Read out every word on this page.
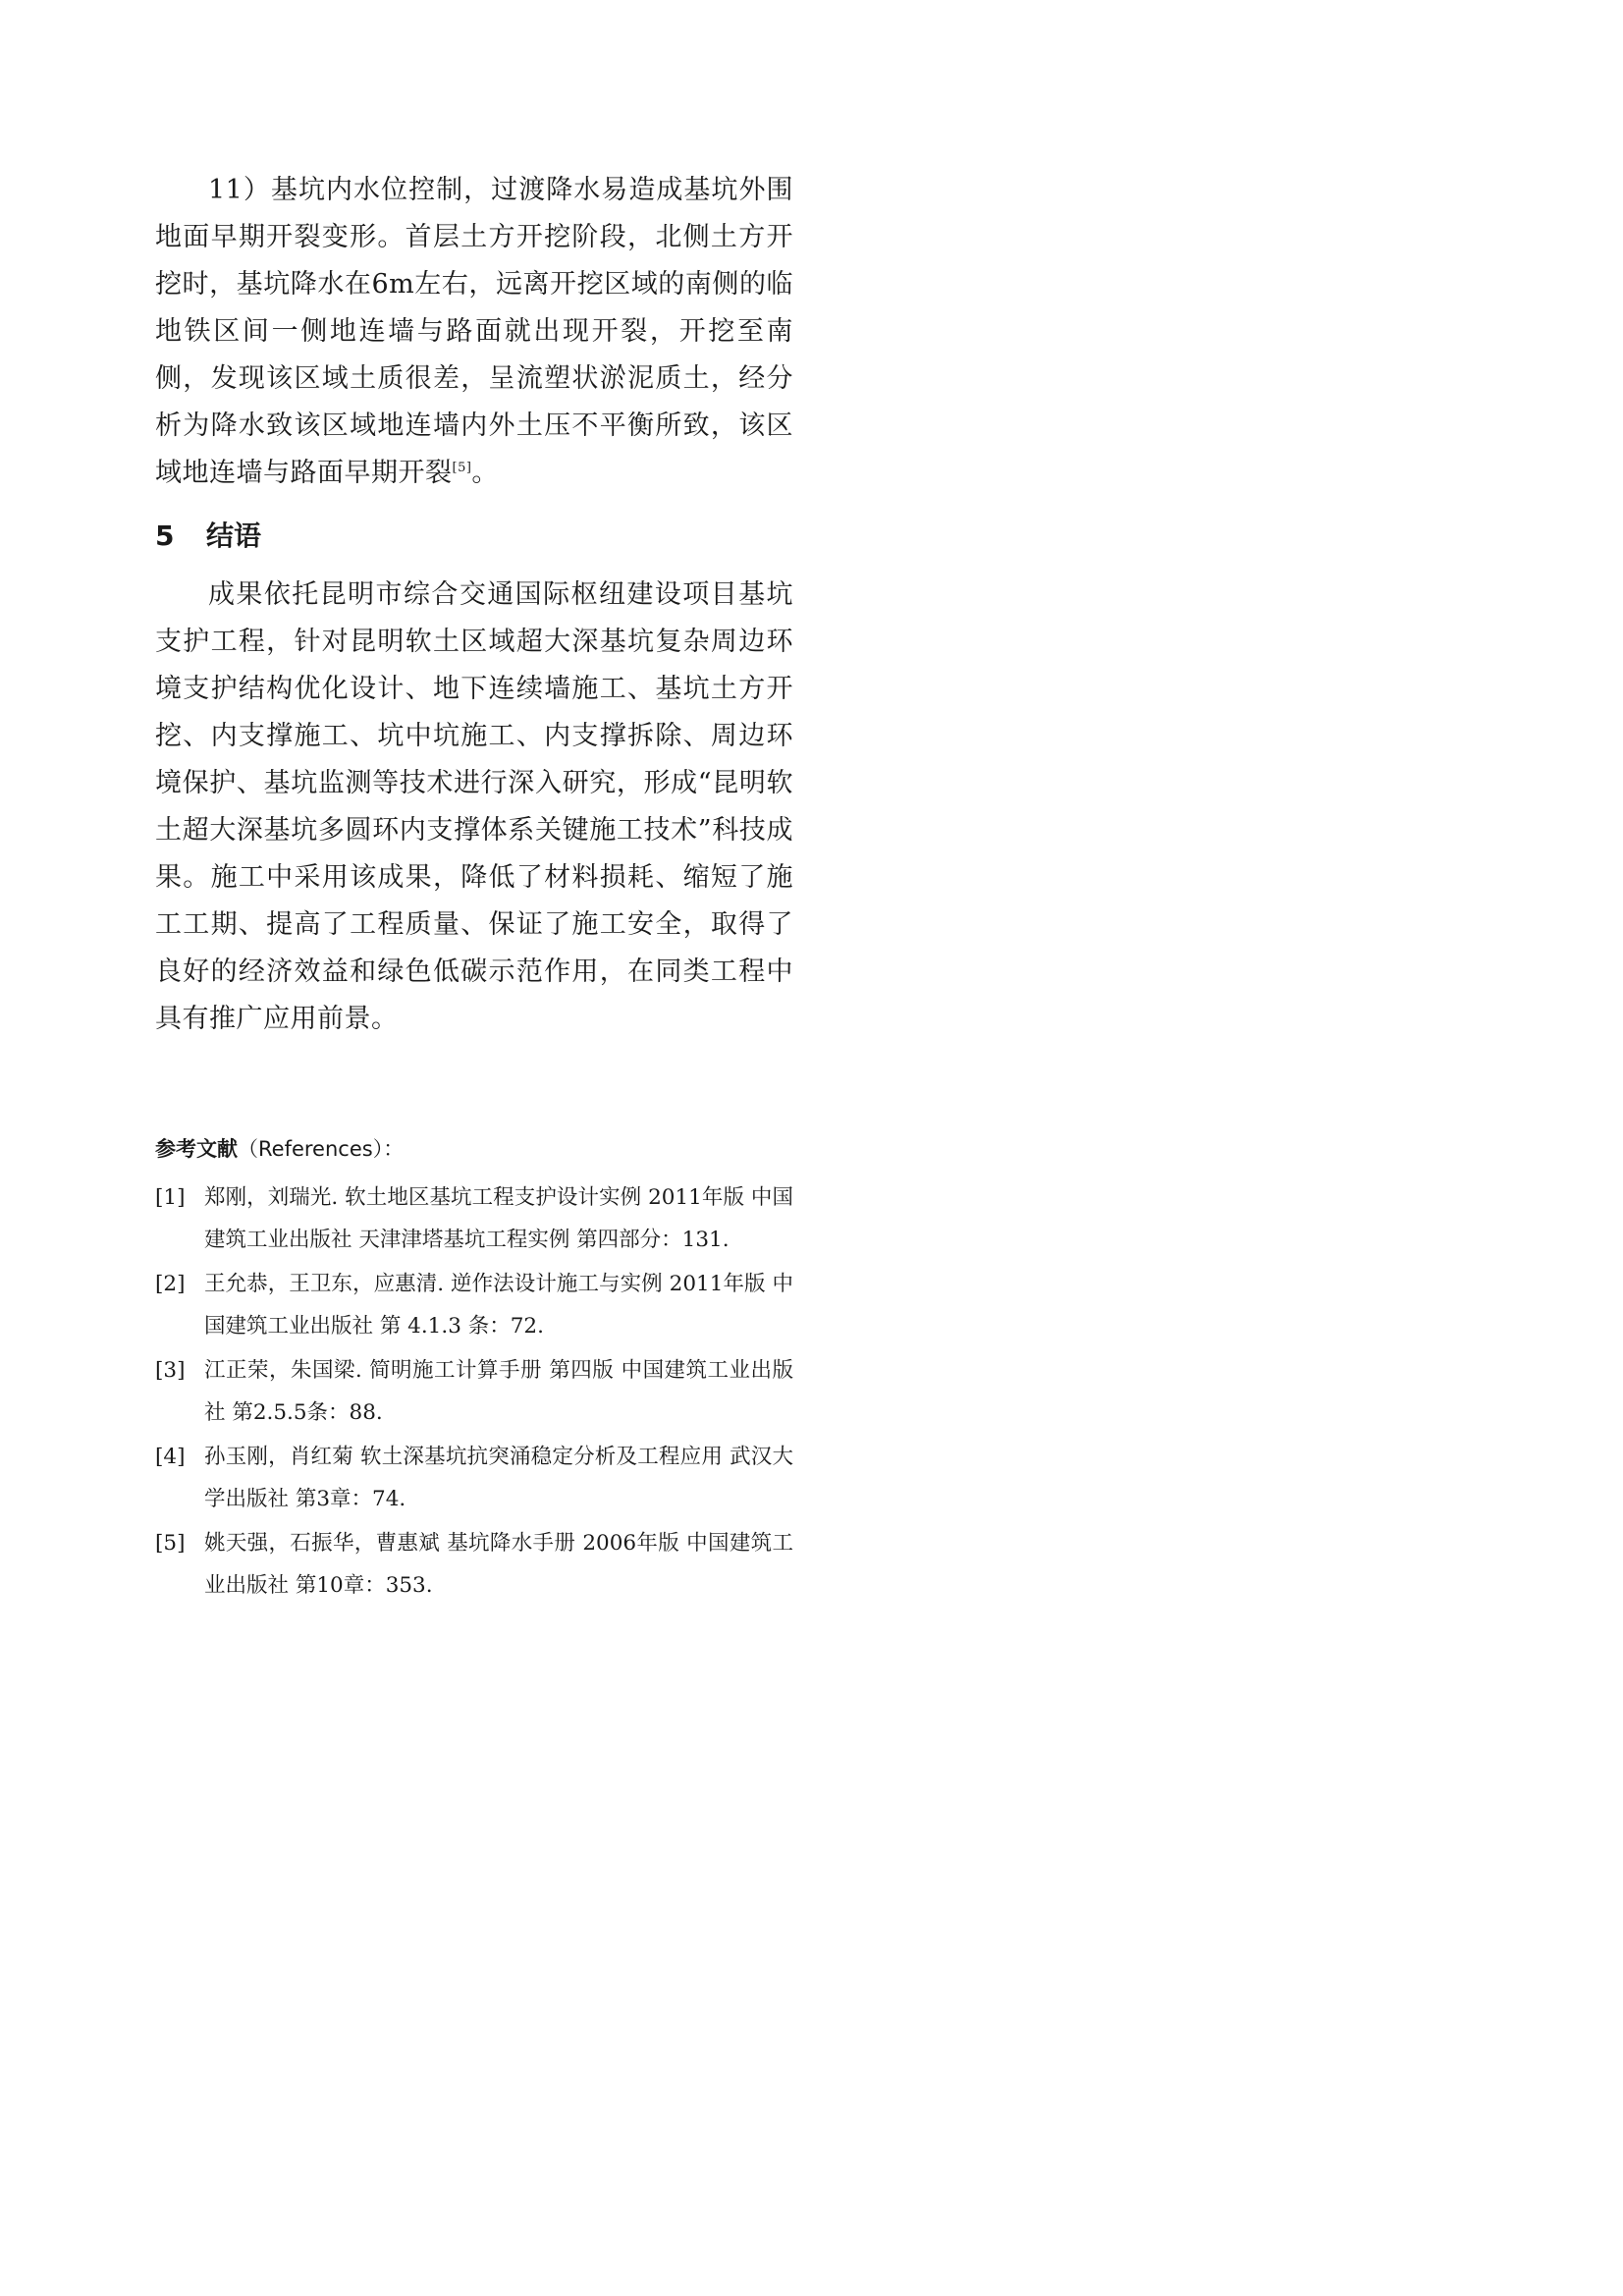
11）基坑内水位控制，过渡降水易造成基坑外围地面早期开裂变形。首层土方开挖阶段，北侧土方开挖时，基坑降水在6m左右，远离开挖区域的南侧的临地铁区间一侧地连墙与路面就出现开裂，开挖至南侧，发现该区域土质很差，呈流塑状淤泥质土，经分析为降水致该区域地连墙内外土压不平衡所致，该区域地连墙与路面早期开裂[5]。

5 结语

成果依托昆明市综合交通国际枢纽建设项目基坑支护工程，针对昆明软土区域超大深基坑复杂周边环境支护结构优化设计、地下连续墙施工、基坑土方开挖、内支撑施工、坑中坑施工、内支撑拆除、周边环境保护、基坑监测等技术进行深入研究，形成“昆明软土超大深基坑多圆环内支撑体系关键施工技术”科技成果。施工中采用该成果，降低了材料损耗、缩短了施工工期、提高了工程质量、保证了施工安全，取得了良好的经济效益和绿色低碳示范作用，在同类工程中具有推广应用前景。

参考文献（References）：
[1] 郑刚，刘瑞光. 软土地区基坑工程支护设计实例 2011年版 中国建筑工业出版社 天津津塔基坑工程实例 第四部分：131.
[2] 王允恭，王卫东，应惠清. 逆作法设计施工与实例 2011年版 中国建筑工业出版社 第 4.1.3 条：72.
[3] 江正荣，朱国梁. 简明施工计算手册 第四版 中国建筑工业出版社 第2.5.5条：88.
[4] 孙玉刚，肖红菊 软土深基坑抗突涌稳定分析及工程应用 武汉大学出版社 第3章：74.
[5] 姚天强，石振华，曹惠斌 基坑降水手册 2006年版 中国建筑工业出版社 第10章：353.
